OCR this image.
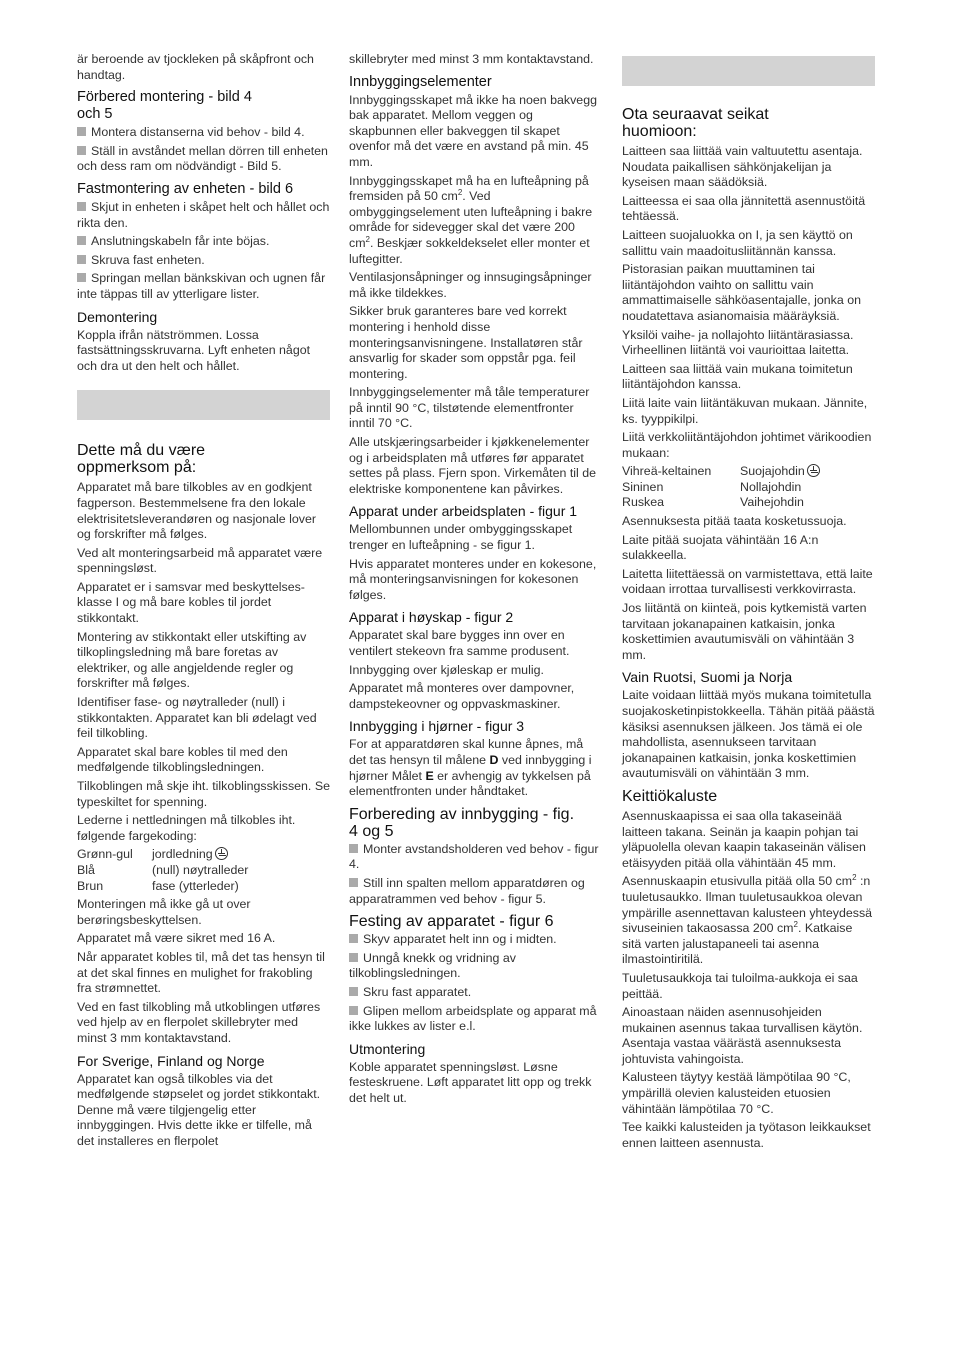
är beroende av tjockleken på skåpfront och handtag.
Förbered montering - bild 4 och 5
Montera distanserna vid behov - bild 4.
Ställ in avståndet mellan dörren till enheten och dess ram om nödvändigt - Bild 5.
Fastmontering av enheten - bild 6
Skjut in enheten i skåpet helt och hållet och rikta den.
Anslutningskabeln får inte böjas.
Skruva fast enheten.
Springan mellan bänkskivan och ugnen får inte täppas till av ytterligare lister.
Demontering
Koppla ifrån nätströmmen. Lossa fastsättningsskruvarna. Lyft enheten något och dra ut den helt och hållet.
Dette må du være oppmerksom på:
Apparatet må bare tilkobles av en godkjent fagperson. Bestemmelsene fra den lokale elektrisitetsleverandøren og nasjonale lover og forskrifter må følges.
Ved alt monteringsarbeid må apparatet være spenningsløst.
Apparatet er i samsvar med beskyttelses-klasse I og må bare kobles til jordet stikkontakt.
Montering av stikkontakt eller utskifting av tilkoplingsledning må bare foretas av elektriker, og alle angjeldende regler og forskrifter må følges.
Identifiser fase- og nøytralleder (null) i stikkontakten. Apparatet kan bli ødelagt ved feil tilkobling.
Apparatet skal bare kobles til med den medfølgende tilkoblingsledningen.
Tilkoblingen må skje iht. tilkoblingsskissen. Se typeskiltet for spenning.
Lederne i nettledningen må tilkobles iht. følgende fargekoding:
Grønn-gul	jordledning
Blå	(null) nøytralleder
Brun	fase (ytterleder)
Monteringen må ikke gå ut over berøringsbeskyttelsen.
Apparatet må være sikret med 16 A.
Når apparatet kobles til, må det tas hensyn til at det skal finnes en mulighet for frakobling fra strømnettet.
Ved en fast tilkobling må utkoblingen utføres ved hjelp av en flerpolet skillebryter med minst 3 mm kontaktavstand.
For Sverige, Finland og Norge
Apparatet kan også tilkobles via det medfølgende støpselet og jordet stikkontakt. Denne må være tilgjengelig etter innbyggingen. Hvis dette ikke er tilfelle, må det installeres en flerpolet
skillebryter med minst 3 mm kontaktavstand.
Innbyggingselementer
Innbyggingsskapet må ikke ha noen bakvegg bak apparatet. Mellom veggen og skapbunnen eller bakveggen til skapet ovenfor må det være en avstand på min. 45 mm.
Innbyggingsskapet må ha en lufteåpning på fremsiden på 50 $cm^2$. Ved ombyggingselement uten lufteåpning i bakre område for sidevegger skal det være 200 $cm^2$. Beskjær sokkeldekselet eller monter et luftegitter.
Ventilasjonsåpninger og innsugingsåpninger må ikke tildekkes.
Sikker bruk garanteres bare ved korrekt montering i henhold disse monteringsanvisningene. Installatøren står ansvarlig for skader som oppstår pga. feil montering.
Innbyggingselementer må tåle temperaturer på inntil 90 °C, tilstøtende elementfronter inntil 70 °C.
Alle utskjæringsarbeider i kjøkkenelementer og i arbeidsplaten må utføres før apparatet settes på plass. Fjern spon. Virkemåten til de elektriske komponentene kan påvirkes.
Apparat under arbeidsplaten - figur 1
Mellombunnen under ombyggingsskapet trenger en lufteåpning - se figur 1.
Hvis apparatet monteres under en kokesone, må monteringsanvisningen for kokesonen følges.
Apparat i høyskap - figur 2
Apparatet skal bare bygges inn over en ventilert stekeovn fra samme produsent.
Innbygging over kjøleskap er mulig.
Apparatet må monteres over dampovner, dampstekeovner og oppvaskmaskiner.
Innbygging i hjørner - figur 3
For at apparatdøren skal kunne åpnes, må det tas hensyn til målene D ved innbygging i hjørner Målet E er avhengig av tykkelsen på elementfronten under håndtaket.
Forbereding av innbygging - fig. 4 og 5
Monter avstandsholderen ved behov - figur 4.
Still inn spalten mellom apparatdøren og apparatrammen ved behov - figur 5.
Festing av apparatet - figur 6
Skyv apparatet helt inn og i midten.
Unngå knekk og vridning av tilkoblingsledningen.
Skru fast apparatet.
Glipen mellom arbeidsplate og apparat må ikke lukkes av lister e.l.
Utmontering
Koble apparatet spenningsløst. Løsne festeskruene. Løft apparatet litt opp og trekk det helt ut.
Ota seuraavat seikat huomioon:
Laitteen saa liittää vain valtuutettu asentaja. Noudata paikallisen sähkönjakelijan ja kyseisen maan säädöksiä.
Laitteessa ei saa olla jännitettä asennustöitä tehtäessä.
Laitteen suojaluokka on I, ja sen käyttö on sallittu vain maadoitusliitännän kanssa.
Pistorasian paikan muuttaminen tai liitäntäjohdon vaihto on sallittu vain ammattimaiselle sähköasentajalle, jonka on noudatettava asianomaisia määräyksiä.
Yksilöi vaihe- ja nollajohto liitäntärasiassa. Virheellinen liitäntä voi vaurioittaa laitetta.
Laitteen saa liittää vain mukana toimitetun liitäntäjohdon kanssa.
Liitä laite vain liitäntäkuvan mukaan. Jännite, ks. tyyppikilpi.
Liitä verkkoliitäntäjohdon johtimet värikoodien mukaan:
Vihreä-keltainen	Suojajohdin
Sininen	Nollajohdin
Ruskea	Vaihejohdin
Asennuksesta pitää taata kosketussuoja.
Laite pitää suojata vähintään 16 A:n sulakkeella.
Laitetta liitettäessä on varmistettava, että laite voidaan irrottaa turvallisesti verkkovirrasta.
Jos liitäntä on kiinteä, pois kytkemistä varten tarvitaan jokanapainen katkaisin, jonka koskettimien avautumisväli on vähintään 3 mm.
Vain Ruotsi, Suomi ja Norja
Laite voidaan liittää myös mukana toimitetulla suojakosketinpistokkeella. Tähän pitää päästä käsiksi asennuksen jälkeen. Jos tämä ei ole mahdollista, asennukseen tarvitaan jokanapainen katkaisin, jonka koskettimien avautumisväli on vähintään 3 mm.
Keittiökaluste
Asennuskaapissa ei saa olla takaseinää laitteen takana. Seinän ja kaapin pohjan tai yläpuolella olevan kaapin takaseinän välisen etäisyyden pitää olla vähintään 45 mm.
Asennuskaapin etusivulla pitää olla 50 $cm^2$ :n tuuletusaukko. Ilman tuuletusaukkoa olevan ympärille asennettavan kalusteen yhteydessä sivuseinien takaosassa 200 $cm^2$. Katkaise sitä varten jalustapaneeli tai asenna ilmastointiritilä.
Tuuletusaukkoja tai tuloilma-aukkoja ei saa peittää.
Ainoastaan näiden asennusohjeiden mukainen asennus takaa turvallisen käytön. Asentaja vastaa väärästä asennuksesta johtuvista vahingoista.
Kalusteen täytyy kestää lämpötilaa 90 °C, ympärillä olevien kalusteiden etuosien vähintään lämpötilaa 70 °C.
Tee kaikki kalusteiden ja työtason leikkaukset ennen laitteen asennusta.
